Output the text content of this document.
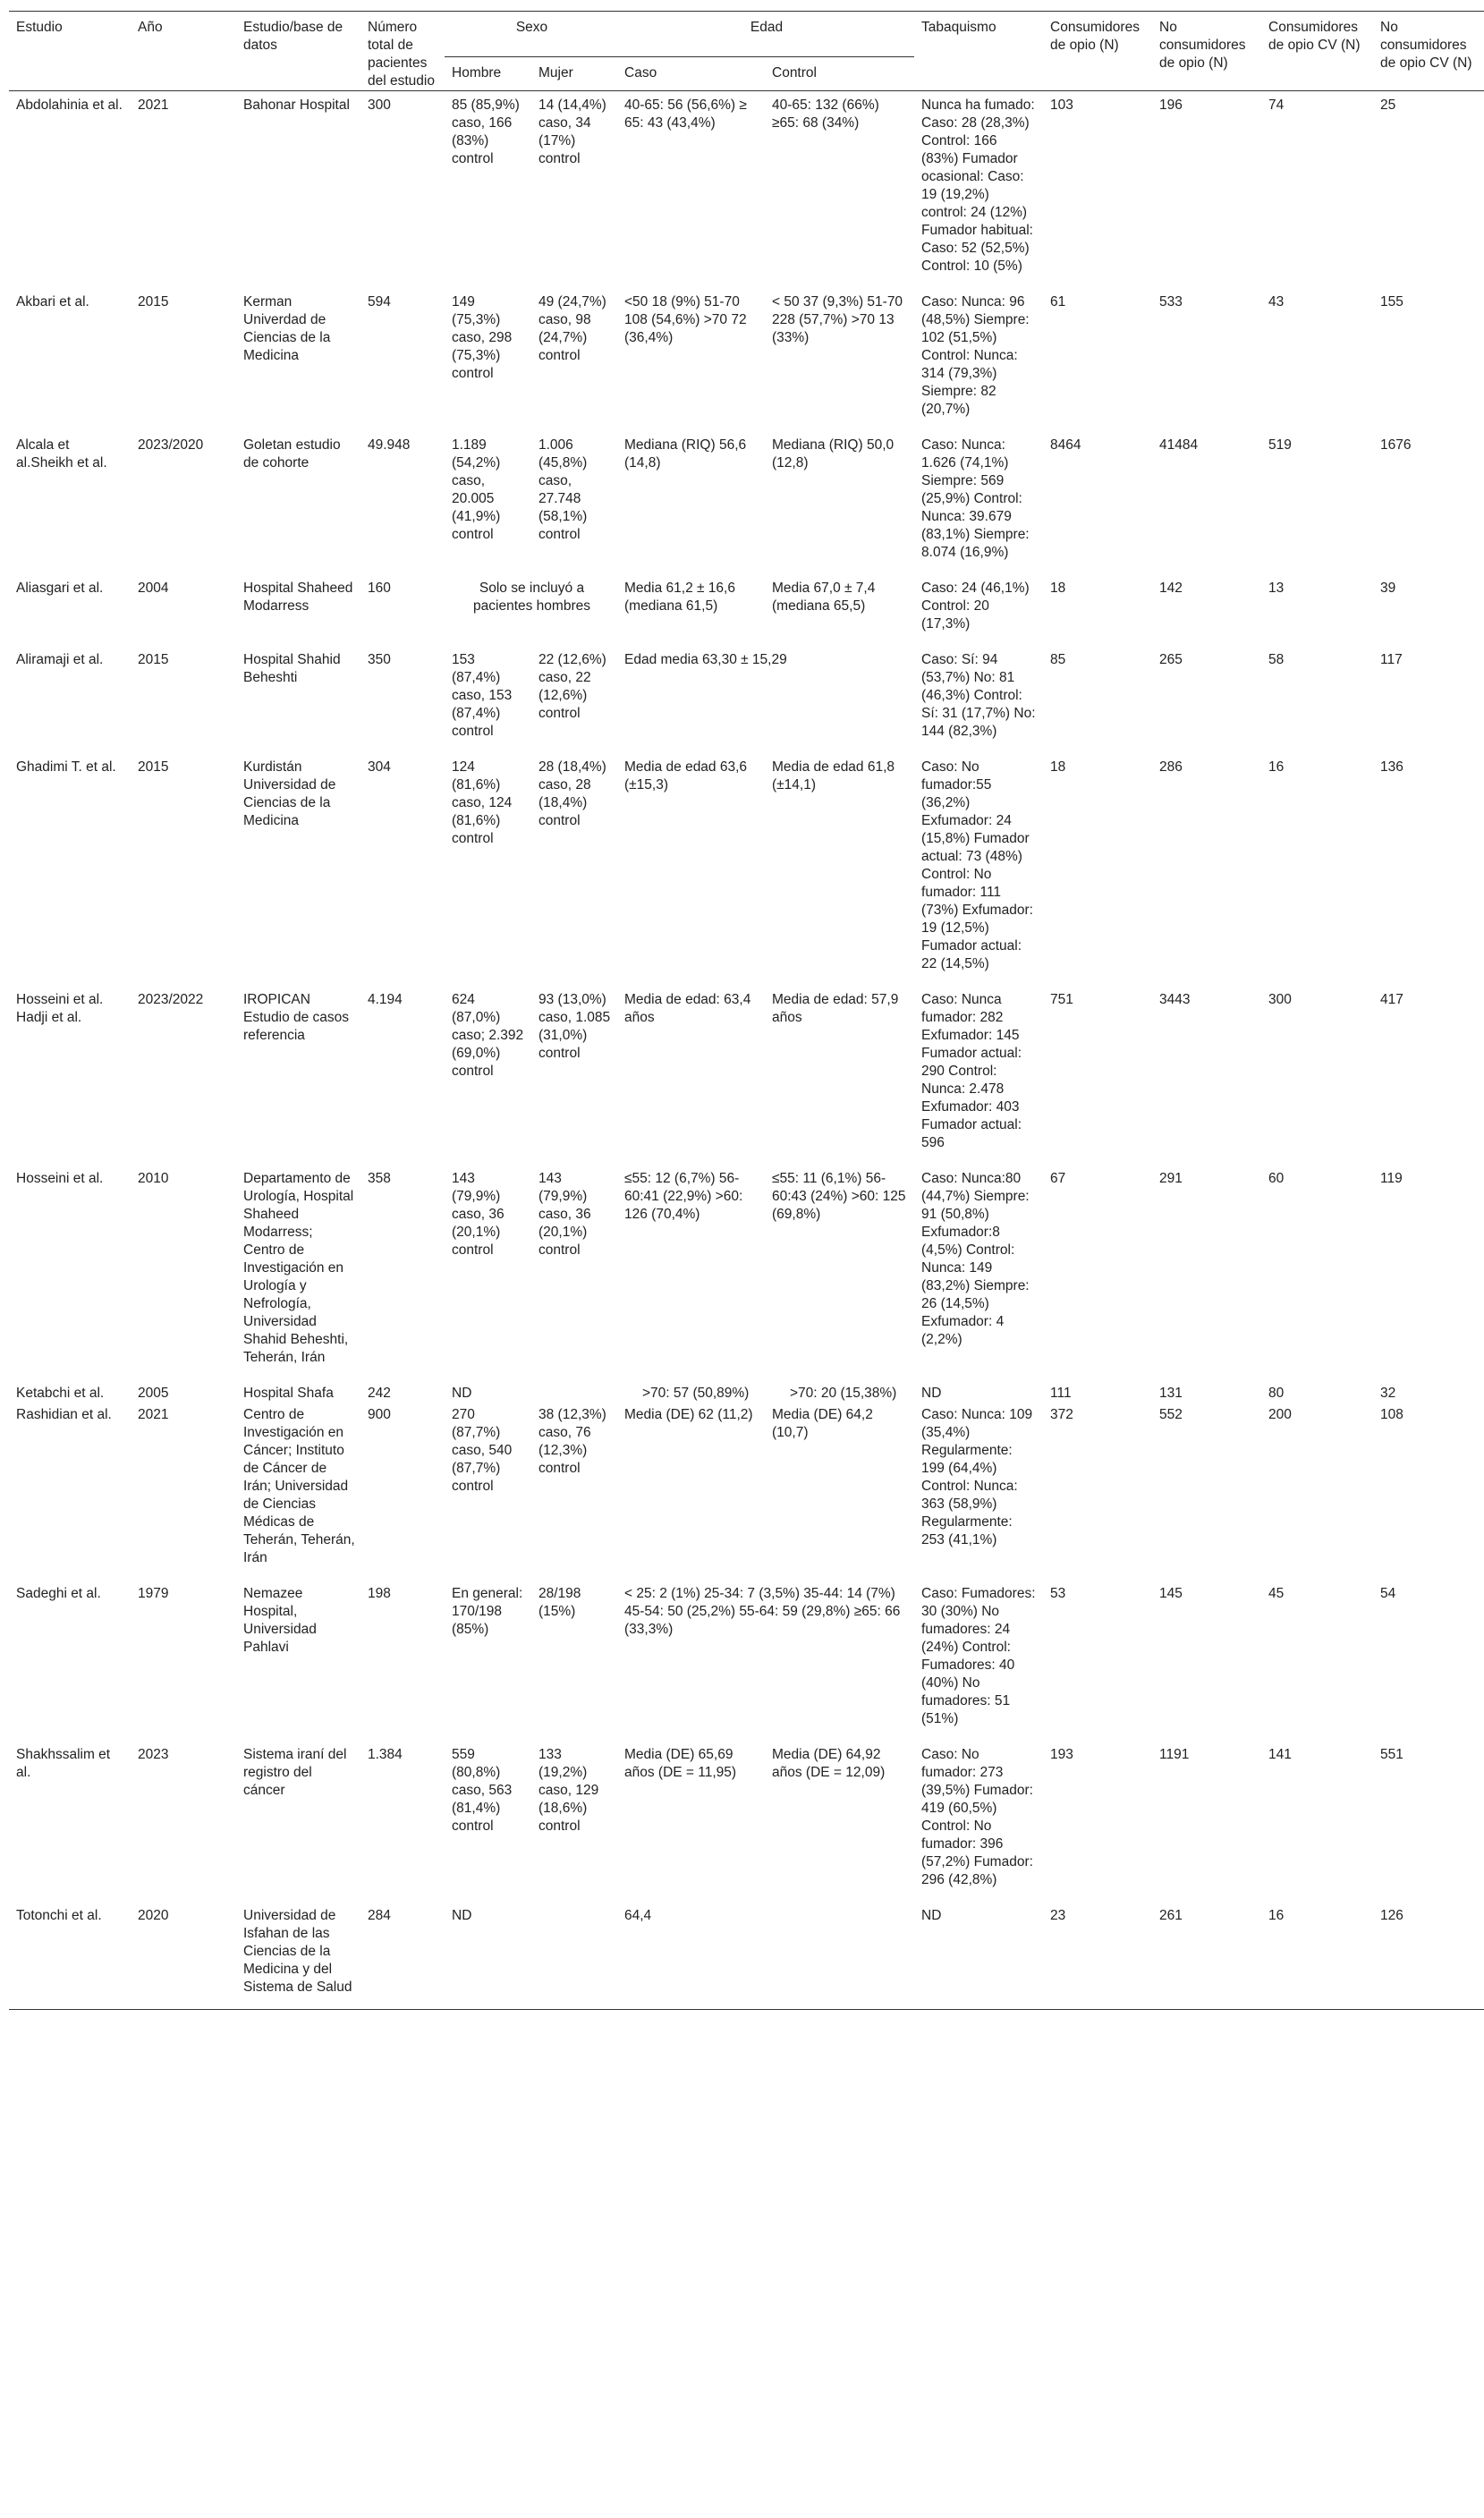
Estudio	Año	Estudio/base de datos	Número total de pacientes del estudio	Sexo		Edad		Tabaquismo	Consumidores de opio (N)	No consumidores de opio (N)	Consumidores de opio CV (N)	No consumidores de opio CV (N)
				Hombre	Mujer	Caso	Control					
Abdolahinia et al.	2021	Bahonar Hospital	300	85 (85,9%) caso, 166 (83%) control	14 (14,4%) caso, 34 (17%) control	40-65: 56 (56,6%) ≥ 65: 43 (43,4%)	40-65: 132 (66%) ≥65: 68 (34%)	Nunca ha fumado: Caso: 28 (28,3%) Control: 166 (83%) Fumador ocasional: Caso: 19 (19,2%) control: 24 (12%) Fumador habitual: Caso: 52 (52,5%) Control: 10 (5%)	103	196	74	25
Akbari et al.	2015	Kerman Univerdad de Ciencias de la Medicina	594	149 (75,3%) caso, 298 (75,3%) control	49 (24,7%) caso, 98 (24,7%) control	<50 18 (9%) 51-70 108 (54,6%) >70 72 (36,4%)	< 50 37 (9,3%) 51-70 228 (57,7%) >70 13 (33%)	Caso: Nunca: 96 (48,5%) Siempre: 102 (51,5%) Control: Nunca: 314 (79,3%) Siempre: 82 (20,7%)	61	533	43	155
Alcala et al.Sheikh et al.	2023/2020	Goletan estudio de cohorte	49.948	1.189 (54,2%) caso, 20.005 (41,9%) control	1.006 (45,8%) caso, 27.748 (58,1%) control	Mediana (RIQ) 56,6 (14,8)	Mediana (RIQ) 50,0 (12,8)	Caso: Nunca: 1.626 (74,1%) Siempre: 569 (25,9%) Control: Nunca: 39.679 (83,1%) Siempre: 8.074 (16,9%)	8464	41484	519	1676
Aliasgari et al.	2004	Hospital Shaheed Modarress	160	Solo se incluyó a pacientes hombres		Media 61,2 ± 16,6 (mediana 61,5)	Media 67,0 ± 7,4 (mediana 65,5)	Caso: 24 (46,1%) Control: 20 (17,3%)	18	142	13	39
Aliramaji et al.	2015	Hospital Shahid Beheshti	350	153 (87,4%) caso, 153 (87,4%) control	22 (12,6%) caso, 22 (12,6%) control	Edad media 63,30 ± 15,29		Caso: Sí: 94 (53,7%) No: 81 (46,3%) Control: Sí: 31 (17,7%) No: 144 (82,3%)	85	265	58	117
Ghadimi T. et al.	2015	Kurdistán Universidad de Ciencias de la Medicina	304	124 (81,6%) caso, 124 (81,6%) control	28 (18,4%) caso, 28 (18,4%) control	Media de edad 63,6 (±15,3)	Media de edad 61,8 (±14,1)	Caso: No fumador:55 (36,2%) Exfumador: 24 (15,8%) Fumador actual: 73 (48%) Control: No fumador: 111 (73%) Exfumador: 19 (12,5%) Fumador actual: 22 (14,5%)	18	286	16	136
Hosseini et al. Hadji et al.	2023/2022	IROPICAN Estudio de casos referencia	4.194	624 (87,0%) caso; 2.392 (69,0%) control	93 (13,0%) caso, 1.085 (31,0%) control	Media de edad: 63,4 años	Media de edad: 57,9 años	Caso: Nunca fumador: 282 Exfumador: 145 Fumador actual: 290 Control: Nunca: 2.478 Exfumador: 403 Fumador actual: 596	751	3443	300	417
Hosseini et al.	2010	Departamento de Urología, Hospital Shaheed Modarress; Centro de Investigación en Urología y Nefrología, Universidad Shahid Beheshti, Teherán, Irán	358	143 (79,9%) caso, 36 (20,1%) control	143 (79,9%) caso, 36 (20,1%) control	≤55: 12 (6,7%) 56-60:41 (22,9%) >60: 126 (70,4%)	≤55: 11 (6,1%) 56-60:43 (24%) >60: 125 (69,8%)	Caso: Nunca:80 (44,7%) Siempre: 91 (50,8%) Exfumador:8 (4,5%) Control: Nunca: 149 (83,2%) Siempre: 26 (14,5%) Exfumador: 4 (2,2%)	67	291	60	119
Ketabchi et al.	2005	Hospital Shafa	242	ND		>70: 57 (50,89%)	>70: 20 (15,38%)	ND	111	131	80	32
Rashidian et al.	2021	Centro de Investigación en Cáncer; Instituto de Cáncer de Irán; Universidad de Ciencias Médicas de Teherán, Teherán, Irán	900	270 (87,7%) caso, 540 (87,7%) control	38 (12,3%) caso, 76 (12,3%) control	Media (DE) 62 (11,2)	Media (DE) 64,2 (10,7)	Caso: Nunca: 109 (35,4%) Regularmente: 199 (64,4%) Control: Nunca: 363 (58,9%) Regularmente: 253 (41,1%)	372	552	200	108
Sadeghi et al.	1979	Nemazee Hospital, Universidad Pahlavi	198	En general: 170/198 (85%)	28/198 (15%)	< 25: 2 (1%) 25-34: 7 (3,5%) 35-44: 14 (7%) 45-54: 50 (25,2%) 55-64: 59 (29,8%) ≥65: 66 (33,3%)		Caso: Fumadores: 30 (30%) No fumadores: 24 (24%) Control: Fumadores: 40 (40%) No fumadores: 51 (51%)	53	145	45	54
Shakhssalim et al.	2023	Sistema iraní del registro del cáncer	1.384	559 (80,8%) caso, 563 (81,4%) control	133 (19,2%) caso, 129 (18,6%) control	Media (DE) 65,69 años (DE = 11,95)	Media (DE) 64,92 años (DE = 12,09)	Caso: No fumador: 273 (39,5%) Fumador: 419 (60,5%) Control: No fumador: 396 (57,2%) Fumador: 296 (42,8%)	193	1191	141	551
Totonchi et al.	2020	Universidad de Isfahan de las Ciencias de la Medicina y del Sistema de Salud	284	ND		64,4		ND	23	261	16	126
